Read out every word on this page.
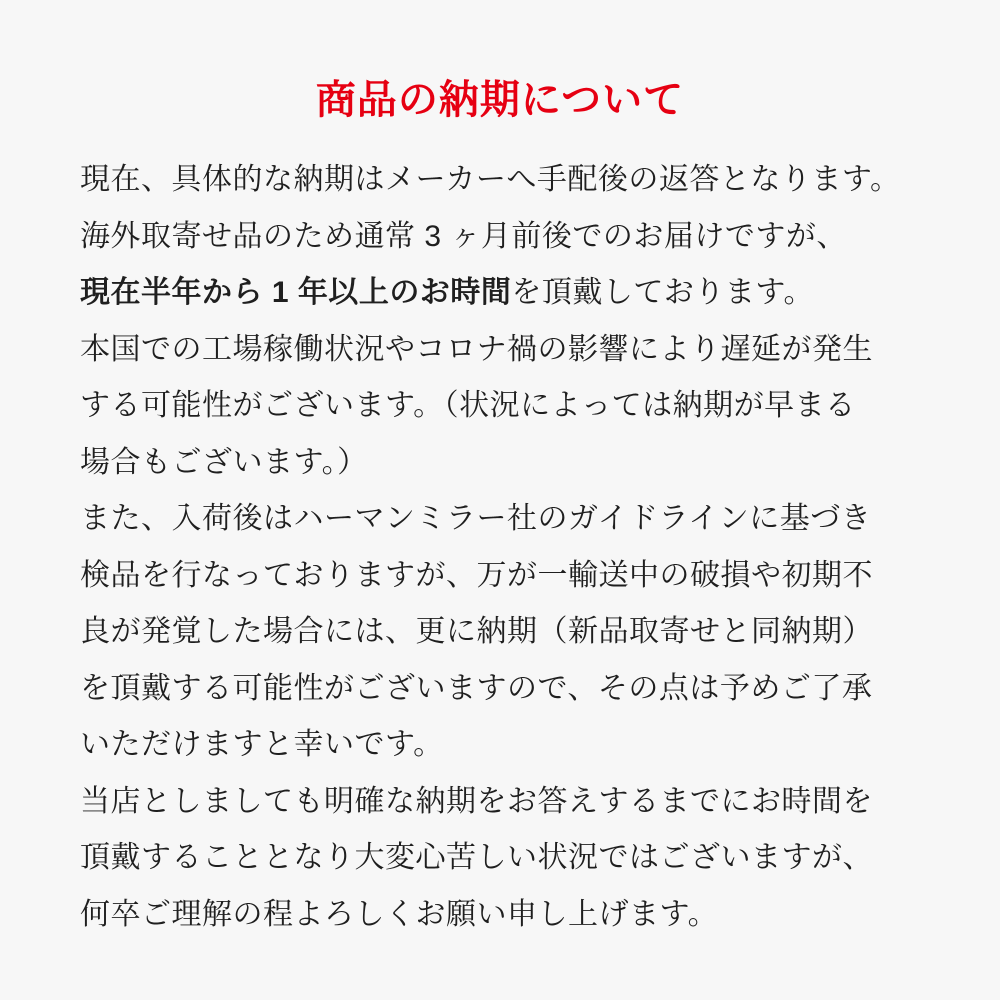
商品の納期について
現在、具体的な納期はメーカーへ手配後の返答となります。
海外取寄せ品のため通常 3 ヶ月前後でのお届けですが、
現在半年から 1 年以上のお時間 を頂戴しております。
本国での工場稼働状況やコロナ禍の影響により遅延が発生
する可能性がございます。（状況によっては納期が早まる
場合もございます。）
また、入荷後はハーマンミラー社のガイドラインに基づき
検品を行なっておりますが、万が一輸送中の破損や初期不
良が発覚した場合には、更に納期（新品取寄せと同納期）
を頂戴する可能性がございますので、その点は予めご了承
いただけますと幸いです。
当店としましても明確な納期をお答えするまでにお時間を
頂戴することとなり大変心苦しい状況ではございますが、
何卒ご理解の程よろしくお願い申し上げます。
